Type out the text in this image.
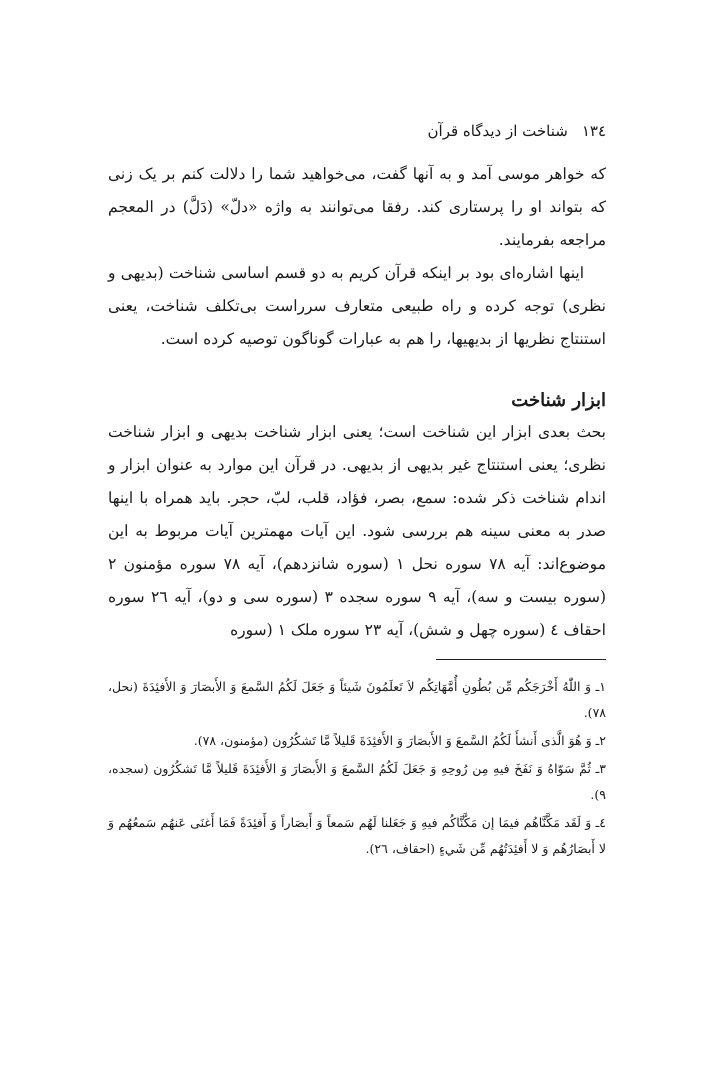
١٣٤
شناخت از دیدگاه قرآن

که خواهر موسی آمد و به آنها گفت، می‌خواهید شما را دلالت کنم بر یک زنی که بتواند او را پرستاری کند. رفقا می‌توانند به واژه «دلّ» (دَلَّ) در المعجم مراجعه بفرمایند.

اینها اشاره‌ای بود بر اینکه قرآن کریم به دو قسم اساسی شناخت (بدیهی و نظری) توجه کرده و راه طبیعی متعارف سرراست بی‌تکلف شناخت، یعنی استنتاج نظریها از بدیهیها، را هم به عبارات گوناگون توصیه کرده است.

ابزار شناخت

بحث بعدی ابزار این شناخت است؛ یعنی ابزار شناخت بدیهی و ابزار شناخت نظری؛ یعنی استنتاج غیر بدیهی از بدیهی. در قرآن این موارد به عنوان ابزار و اندام شناخت ذکر شده: سمع، بصر، فؤاد، قلب، لبّ، حجر. باید همراه با اینها صدر به معنی سینه هم بررسی شود. این آیات مهمترین آیات مربوط به این موضوع‌اند: آیه ٧٨ سوره نحل ١ (سوره شانزدهم)، آیه ٧٨ سوره مؤمنون ٢ (سوره بیست و سه)، آیه ٩ سوره سجده ٣ (سوره سی و دو)، آیه ٢٦ سوره احقاف ٤ (سوره چهل و شش)، آیه ٢٣ سوره ملک ١ (سوره

١ـ وَ اللّٰهُ أَخْرَجَكُم مِّن بُطُونِ أُمَّهَاتِكُم لاَ تَعلَمُونَ شَيئاً وَ جَعَلَ لَكُمُ السَّمعَ وَ الأَبصَارَ وَ الأَفئِدَةَ (نحل، ٧٨).

٢ـ وَ هُوَ الَّذى أَنشأَ لَكُمُ السَّمعَ وَ الأَبصَارَ وَ الأَفئِدَةَ قَليلاً مَّا تَشكُرُون (مؤمنون، ٧٨).

٣ـ ثُمَّ سَوّاهُ وَ نَفَخَ فيهِ مِن رُوحِهِ وَ جَعَلَ لَكُمُ السَّمعَ وَ الأَبصَارَ وَ الأَفئِدَةَ قَليلاً مَّا تَشكُرُون (سجده، ٩).

٤ـ وَ لَقَد مَكَّنَّاهُم فيمَا إن مَكَّنَّاكُم فيهِ وَ جَعَلنا لَهُم سَمعاً وَ أَبصَاراً وَ أَفئِدَةً فَمَا أَغنَى عَنهُم سَمعُهُم وَ لا أَبصَارُهُم وَ لا أَفئِدَتُهُم مِّن شَيءٍ (احقاف، ٢٦).
